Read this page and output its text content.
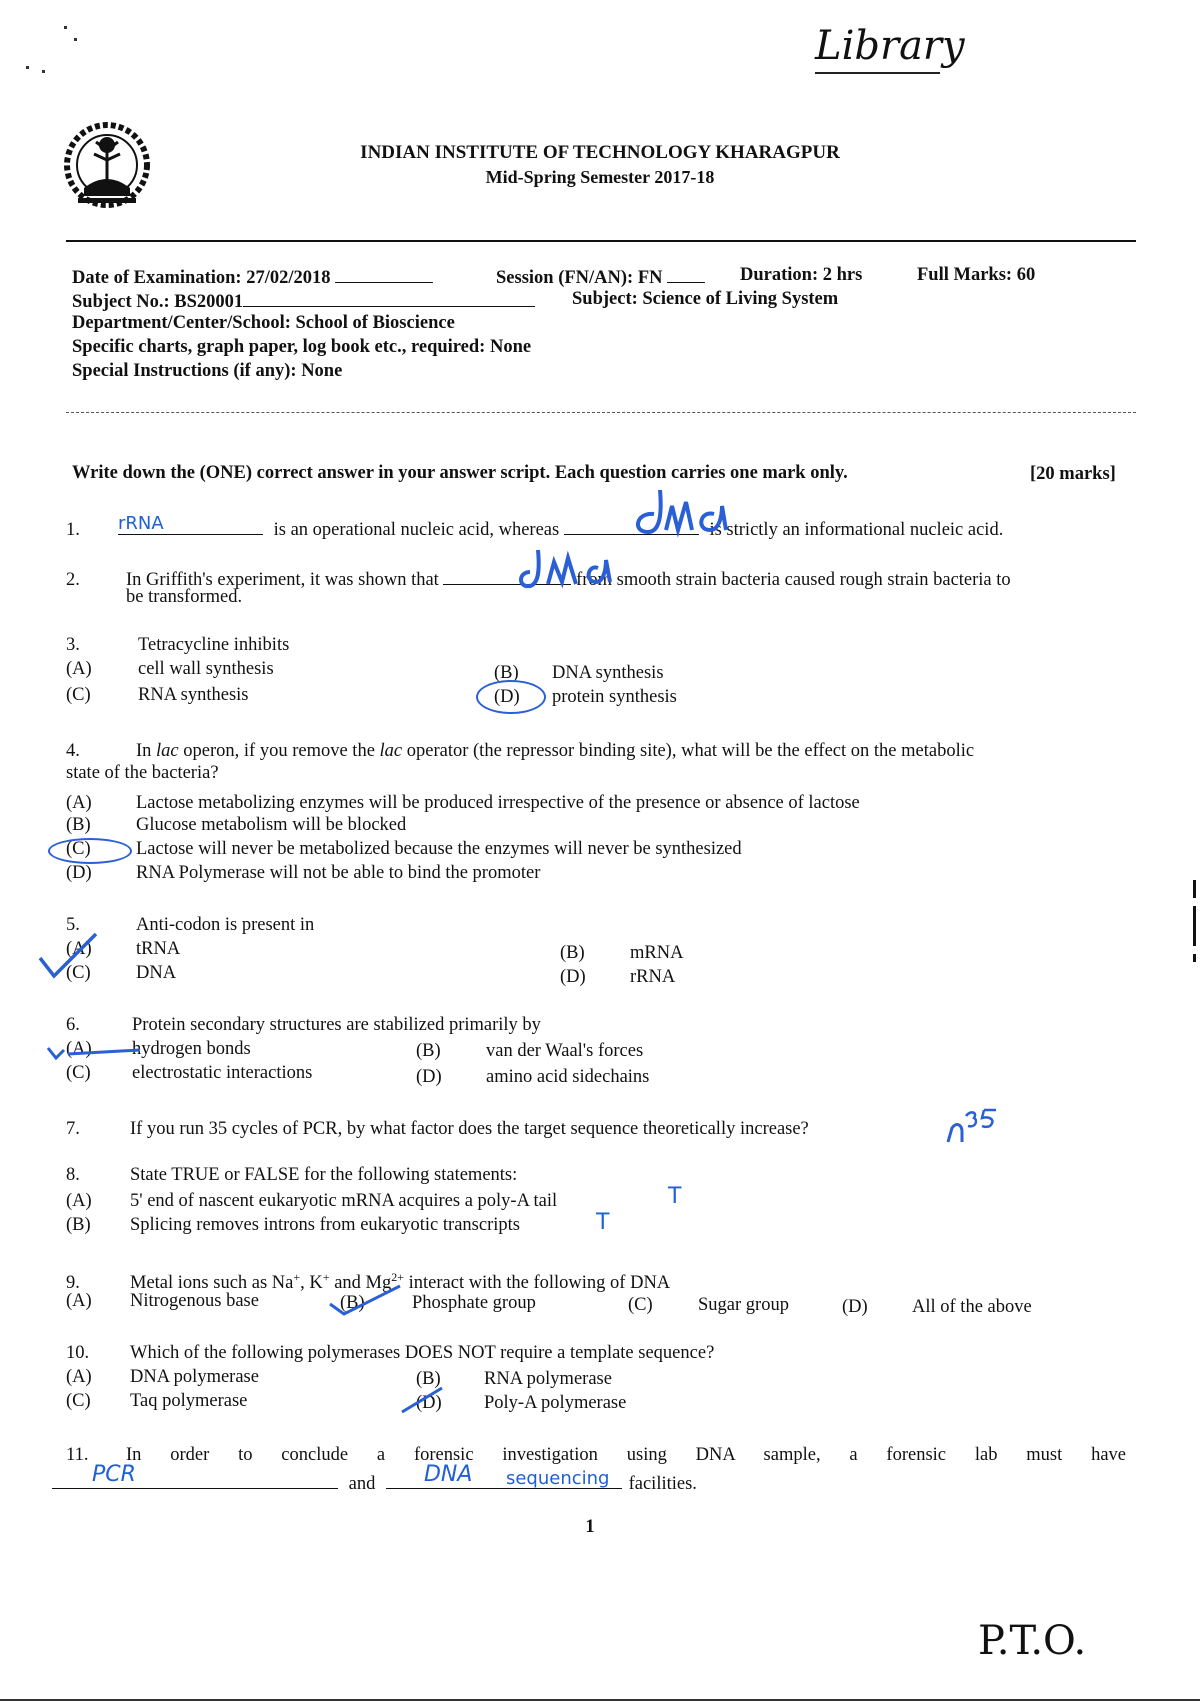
Library
INDIAN INSTITUTE OF TECHNOLOGY KHARAGPUR
Mid-Spring Semester 2017-18
Date of Examination: 27/02/2018	Session (FN/AN): FN	Duration: 2 hrs	Full Marks: 60
Subject No.: BS20001	Subject: Science of Living System
Department/Center/School: School of Bioscience
Specific charts, graph paper, log book etc., required: None
Special Instructions (if any): None
Write down the (ONE) correct answer in your answer script. Each question carries one mark only.	[20 marks]
1. rRNA	is an operational nucleic acid, whereas	is strictly an informational nucleic acid.
2. In Griffith's experiment, it was shown that	from smooth strain bacteria caused rough strain bacteria to
be transformed.
3.	Tetracycline inhibits
(A)	cell wall synthesis	(B) DNA synthesis
(C)	RNA synthesis	(D) protein synthesis
4.	In lac operon, if you remove the lac operator (the repressor binding site), what will be the effect on the metabolic
state of the bacteria?
(A) Lactose metabolizing enzymes will be produced irrespective of the presence or absence of lactose
(B) Glucose metabolism will be blocked
(C) Lactose will never be metabolized because the enzymes will never be synthesized
(D) RNA Polymerase will not be able to bind the promoter
5.	Anti-codon is present in
(A) tRNA	(B) mRNA
(C) DNA	(D) rRNA
6.	Protein secondary structures are stabilized primarily by
(A) hydrogen bonds	(B) van der Waal's forces
(C) electrostatic interactions	(D) amino acid sidechains
7.	If you run 35 cycles of PCR, by what factor does the target sequence theoretically increase?
8.	State TRUE or FALSE for the following statements:
(A) 5' end of nascent eukaryotic mRNA acquires a poly-A tail	T
(B) Splicing removes introns from eukaryotic transcripts	T
9.	Metal ions such as Na+, K+ and $Mg^{2+}$ interact with the following of DNA
(A) Nitrogenous base	(B)	Phosphate group	(C) Sugar group	(D) All of the above
10. Which of the following polymerases DOES NOT require a template sequence?
(A) DNA polymerase	(B) RNA polymerase
(C) Taq polymerase	(D) Poly-A polymerase
11. In order to conclude a forensic investigation using DNA sample, a forensic lab must have
PCR	and DNA sequencing facilities.
1
P.T.O.
